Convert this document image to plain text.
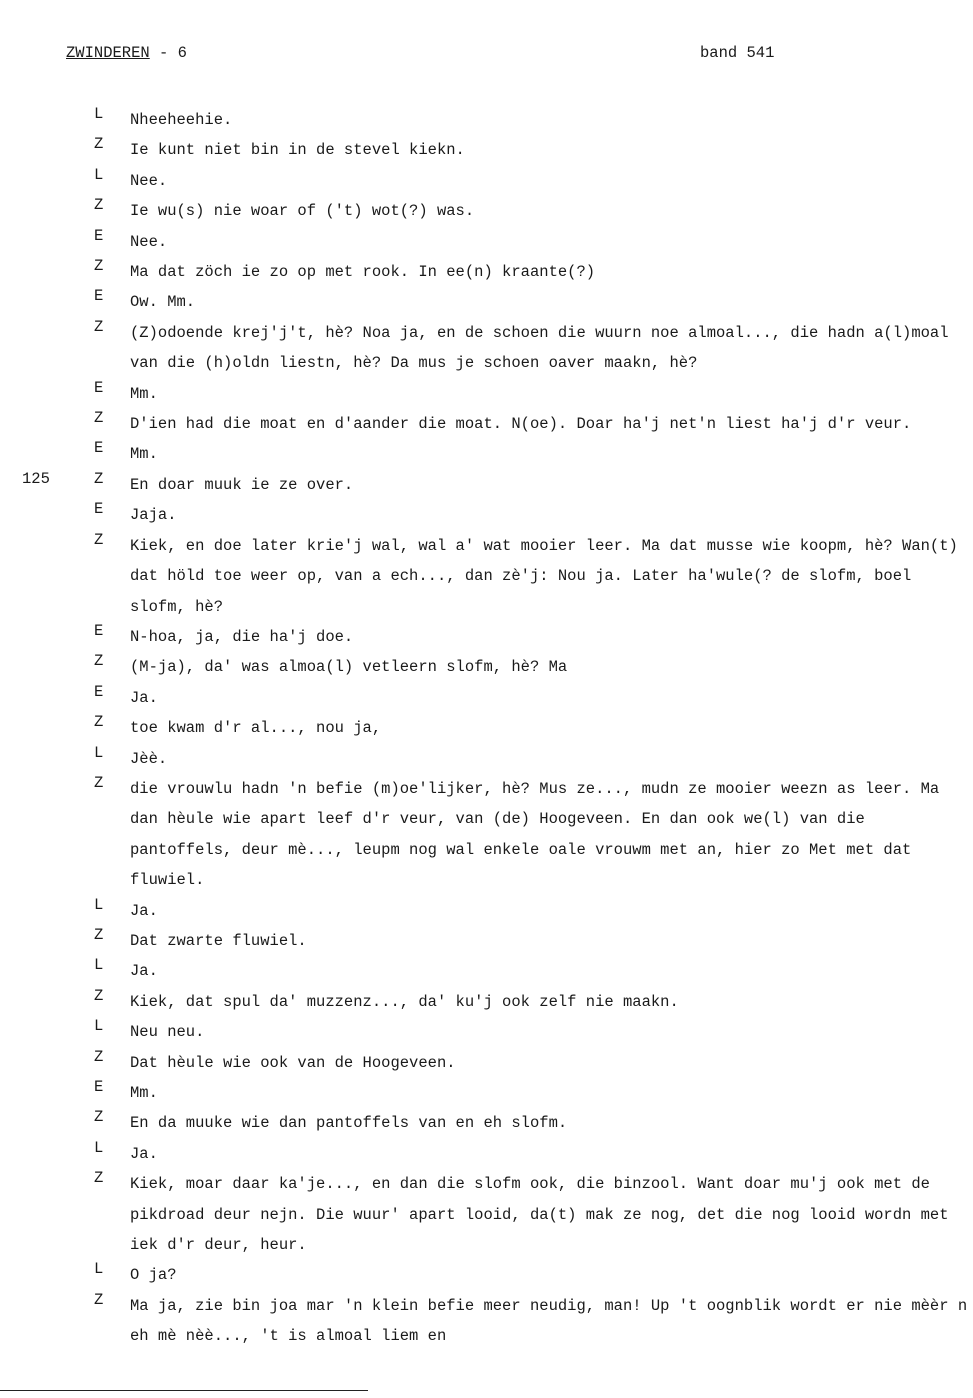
ZWINDEREN - 6	band 541
L	Nheeheehie.
Z	Ie kunt niet bin in de stevel kiekn.
L	Nee.
Z	Ie wu(s) nie woar of ('t) wot(?) was.
E	Nee.
Z	Ma dat zöch ie zo op met rook. In ee(n) kraante(?)
E	Ow. Mm.
Z	(Z)odoende krej'j't, hè? Noa ja, en de schoen die wuurn noe almoal..., die hadn a(l)moal van die (h)oldn liestn, hè? Da mus je schoen oaver maakn, hè?
E	Mm.
Z	D'ien had die moat en d'aander die moat. N(oe). Doar ha'j net'n liest ha'j d'r veur.
E	Mm.
125	Z	En doar muuk ie ze over.
E	Jaja.
Z	Kiek, en doe later krie'j wal, wal a' wat mooier leer. Ma dat musse wie koopm, hè? Wan(t) dat höld toe weer op, van a ech..., dan zè'j: Nou ja. Later ha'wule(? de slofm, boel slofm, hè?
E	N-hoa, ja, die ha'j doe.
Z	(M-ja), da' was almoa(l) vetleern slofm, hè? Ma
E	Ja.
Z	toe kwam d'r al..., nou ja,
L	Jèè.
Z	die vrouwlu hadn 'n befie (m)oe'lijker, hè? Mus ze..., mudn ze mooier weezn as leer. Ma dan hèule wie apart leef d'r veur, van (de) Hoogeveen. En dan ook we(l) van die pantoffels, deur mè..., leupm nog wal enkele oale vrouwm met an, hier zo Met met dat fluwiel.
L	Ja.
Z	Dat zwarte fluwiel.
L	Ja.
Z	Kiek, dat spul da' muzzenz..., da' ku'j ook zelf nie maakn.
L	Neu neu.
Z	Dat hèule wie ook van de Hoogeveen.
E	Mm.
Z	En da muuke wie dan pantoffels van en eh slofm.
L	Ja.
Z	Kiek, moar daar ka'je..., en dan die slofm ook, die binzool. Want doar mu'j ook met de pikdroad deur nejn. Die wuur' apart looid, da(t) mak ze nog, det die nog looid wordn met iek d'r deur, heur.
L	O ja?
Z	Ma ja, zie bin joa mar 'n klein befie meer neudig, man! Up 't oognblik wordt er nie mèèr n eh mè nèè..., 't is almoal liem en
